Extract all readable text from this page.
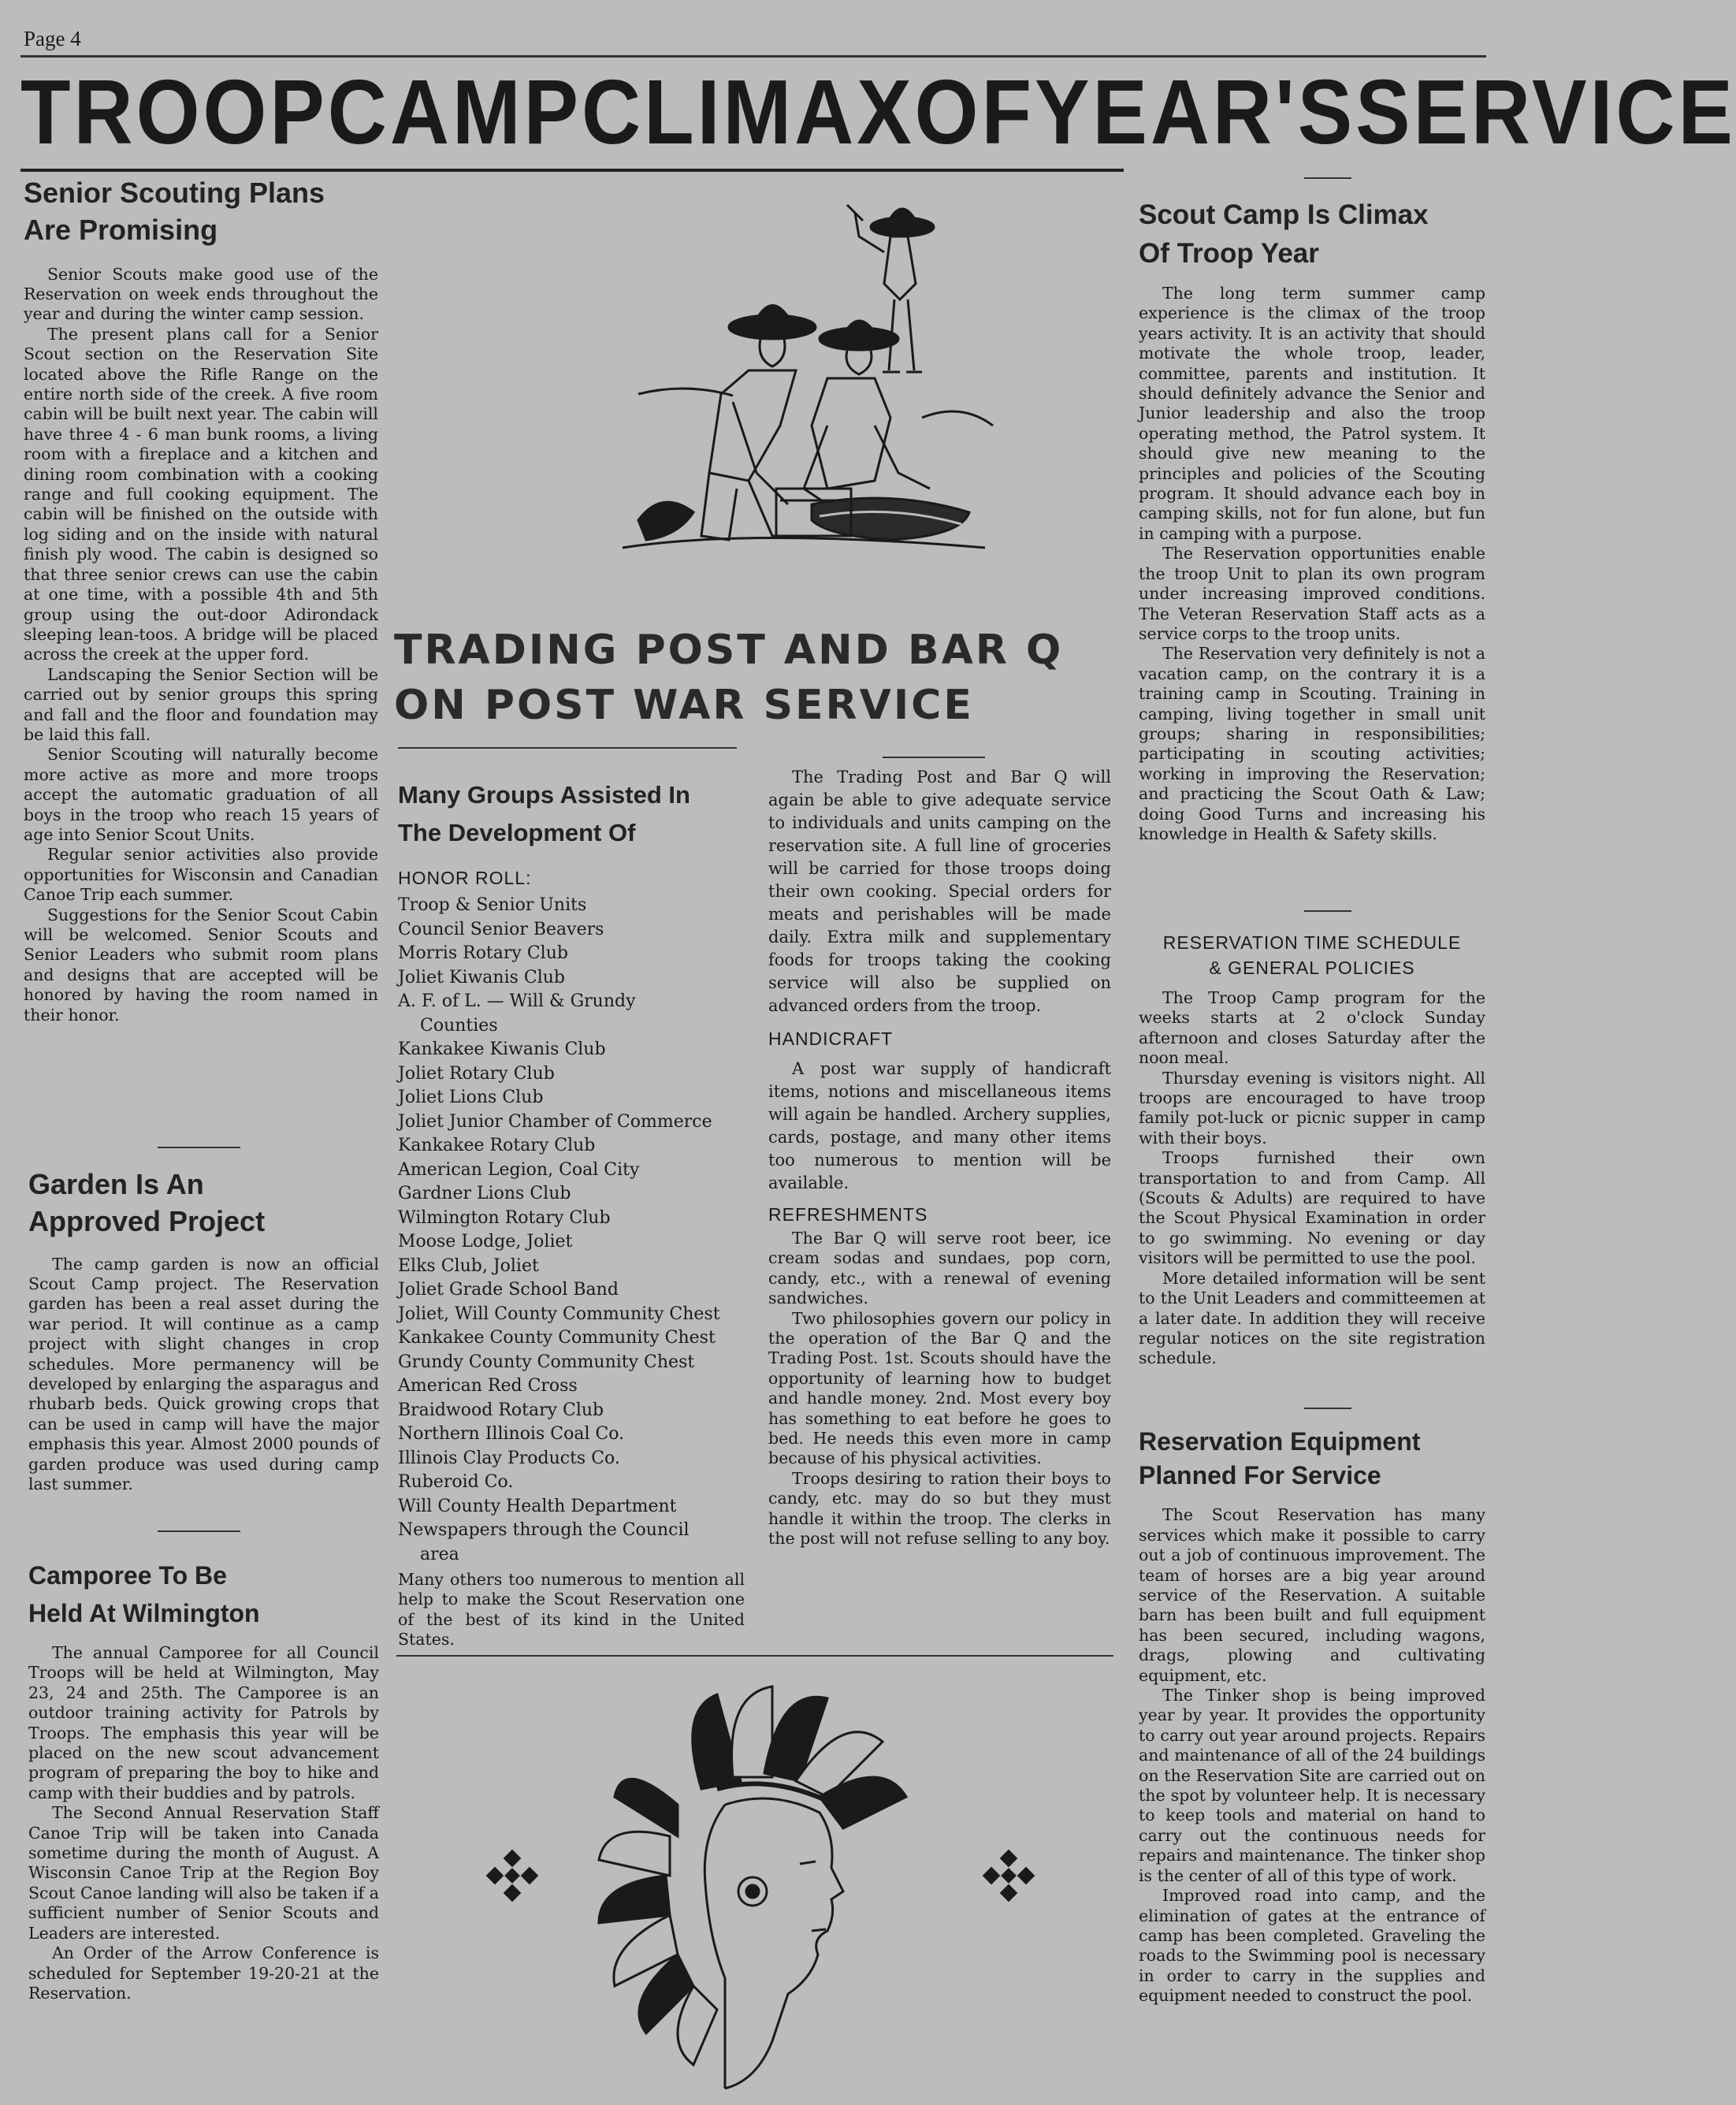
Page 4
TROOP CAMP CLIMAX OF YEAR'S SERVICE
Senior Scouting Plans
Are Promising

Senior Scouts make good use of the Reservation on week ends throughout the year and during the winter camp session.

The present plans call for a Senior Scout section on the Reservation Site located above the Rifle Range on the entire north side of the creek. A five room cabin will be built next year. The cabin will have three 4 - 6 man bunk rooms, a living room with a fireplace and a kitchen and dining room combination with a cooking range and full cooking equipment. The cabin will be finished on the outside with log siding and on the inside with natural finish ply wood. The cabin is designed so that three senior crews can use the cabin at one time, with a possible 4th and 5th group using the out-door Adirondack sleeping lean-toos. A bridge will be placed across the creek at the upper ford.

Landscaping the Senior Section will be carried out by senior groups this spring and fall and the floor and foundation may be laid this fall.

Senior Scouting will naturally become more active as more and more troops accept the automatic graduation of all boys in the troop who reach 15 years of age into Senior Scout Units.

Regular senior activities also provide opportunities for Wisconsin and Canadian Canoe Trip each summer.

Suggestions for the Senior Scout Cabin will be welcomed. Senior Scouts and Senior Leaders who submit room plans and designs that are accepted will be honored by having the room named in their honor.

Garden Is An
Approved Project

The camp garden is now an official Scout Camp project. The Reservation garden has been a real asset during the war period. It will continue as a camp project with slight changes in crop schedules. More permanency will be developed by enlarging the asparagus and rhubarb beds. Quick growing crops that can be used in camp will have the major emphasis this year. Almost 2000 pounds of garden produce was used during camp last summer.

Camporee To Be
Held At Wilmington

The annual Camporee for all Council Troops will be held at Wilmington, May 23, 24 and 25th. The Camporee is an outdoor training activity for Patrols by Troops. The emphasis this year will be placed on the new scout advancement program of preparing the boy to hike and camp with their buddies and by patrols.

The Second Annual Reservation Staff Canoe Trip will be taken into Canada sometime during the month of August. A Wisconsin Canoe Trip at the Region Boy Scout Canoe landing will also be taken if a sufficient number of Senior Scouts and Leaders are interested.

An Order of the Arrow Conference is scheduled for September 19-20-21 at the Reservation.

TRADING POST AND BAR Q
ON POST WAR SERVICE
Many Groups Assisted In
The Development Of
HONOR ROLL:
Troop & Senior Units
Council Senior Beavers
Morris Rotary Club
Joliet Kiwanis Club
A. F. of L. — Will & Grundy
Counties
Kankakee Kiwanis Club
Joliet Rotary Club
Joliet Lions Club
Joliet Junior Chamber of Commerce
Kankakee Rotary Club
American Legion, Coal City
Gardner Lions Club
Wilmington Rotary Club
Moose Lodge, Joliet
Elks Club, Joliet
Joliet Grade School Band
Joliet, Will County Community Chest
Kankakee County Community Chest
Grundy County Community Chest
American Red Cross
Braidwood Rotary Club
Northern Illinois Coal Co.
Illinois Clay Products Co.
Ruberoid Co.
Will County Health Department
Newspapers through the Council
area

Many others too numerous to mention all help to make the Scout Reservation one of the best of its kind in the United States.

The Trading Post and Bar Q will again be able to give adequate service to individuals and units camping on the reservation site. A full line of groceries will be carried for those troops doing their own cooking. Special orders for meats and perishables will be made daily. Extra milk and supplementary foods for troops taking the cooking service will also be supplied on advanced orders from the troop.

HANDICRAFT

A post war supply of handicraft items, notions and miscellaneous items will again be handled. Archery supplies, cards, postage, and many other items too numerous to mention will be available.

REFRESHMENTS

The Bar Q will serve root beer, ice cream sodas and sundaes, pop corn, candy, etc., with a renewal of evening sandwiches.

Two philosophies govern our policy in the operation of the Bar Q and the Trading Post. 1st. Scouts should have the opportunity of learning how to budget and handle money. 2nd. Most every boy has something to eat before he goes to bed. He needs this even more in camp because of his physical activities.

Troops desiring to ration their boys to candy, etc. may do so but they must handle it within the troop. The clerks in the post will not refuse selling to any boy.

Scout Camp Is Climax
Of Troop Year

The long term summer camp experience is the climax of the troop years activity. It is an activity that should motivate the whole troop, leader, committee, parents and institution. It should definitely advance the Senior and Junior leadership and also the troop operating method, the Patrol system. It should give new meaning to the principles and policies of the Scouting program. It should advance each boy in camping skills, not for fun alone, but fun in camping with a purpose.

The Reservation opportunities enable the troop Unit to plan its own program under increasing improved conditions. The Veteran Reservation Staff acts as a service corps to the troop units.

The Reservation very definitely is not a vacation camp, on the contrary it is a training camp in Scouting. Training in camping, living together in small unit groups; sharing in responsibilities; participating in scouting activities; working in improving the Reservation; and practicing the Scout Oath & Law; doing Good Turns and increasing his knowledge in Health & Safety skills.

RESERVATION TIME SCHEDULE
& GENERAL POLICIES

The Troop Camp program for the weeks starts at 2 o'clock Sunday afternoon and closes Saturday after the noon meal.

Thursday evening is visitors night. All troops are encouraged to have troop family pot-luck or picnic supper in camp with their boys.

Troops furnished their own transportation to and from Camp. All (Scouts & Adults) are required to have the Scout Physical Examination in order to go swimming. No evening or day visitors will be permitted to use the pool.

More detailed information will be sent to the Unit Leaders and committeemen at a later date. In addition they will receive regular notices on the site registration schedule.

Reservation Equipment
Planned For Service

The Scout Reservation has many services which make it possible to carry out a job of continuous improvement. The team of horses are a big year around service of the Reservation. A suitable barn has been built and full equipment has been secured, including wagons, drags, plowing and cultivating equipment, etc.

The Tinker shop is being improved year by year. It provides the opportunity to carry out year around projects. Repairs and maintenance of all of the 24 buildings on the Reservation Site are carried out on the spot by volunteer help. It is necessary to keep tools and material on hand to carry out the continuous needs for repairs and maintenance. The tinker shop is the center of all of this type of work.

Improved road into camp, and the elimination of gates at the entrance of camp has been completed. Graveling the roads to the Swimming pool is necessary in order to carry in the supplies and equipment needed to construct the pool.
